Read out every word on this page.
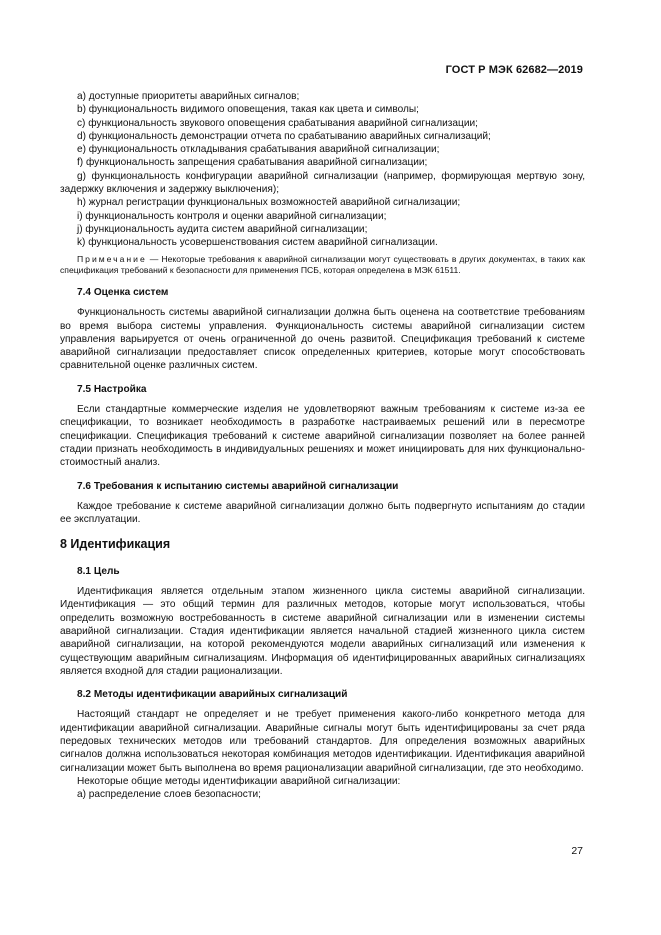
ГОСТ Р МЭК 62682—2019

а) доступные приоритеты аварийных сигналов;

b) функциональность видимого оповещения, такая как цвета и символы;

с) функциональность звукового оповещения срабатывания аварийной сигнализации;

d) функциональность демонстрации отчета по срабатыванию аварийных сигнализаций;

е) функциональность откладывания срабатывания аварийной сигнализации;

f) функциональность запрещения срабатывания аварийной сигнализации;

g) функциональность конфигурации аварийной сигнализации (например, формирующая мертвую зону, задержку включения и задержку выключения);

h) журнал регистрации функциональных возможностей аварийной сигнализации;

i) функциональность контроля и оценки аварийной сигнализации;

j) функциональность аудита систем аварийной сигнализации;

k) функциональность усовершенствования систем аварийной сигнализации.

Примечание — Некоторые требования к аварийной сигнализации могут существовать в других документах, в таких как спецификация требований к безопасности для применения ПСБ, которая определена в МЭК 61511.

7.4 Оценка систем

Функциональность системы аварийной сигнализации должна быть оценена на соответствие требованиям во время выбора системы управления. Функциональность системы аварийной сигнализации систем управления варьируется от очень ограниченной до очень развитой. Спецификация требований к системе аварийной сигнализации предоставляет список определенных критериев, которые могут способствовать сравнительной оценке различных систем.

7.5 Настройка

Если стандартные коммерческие изделия не удовлетворяют важным требованиям к системе из-за ее спецификации, то возникает необходимость в разработке настраиваемых решений или в пересмотре спецификации. Спецификация требований к системе аварийной сигнализации позволяет на более ранней стадии признать необходимость в индивидуальных решениях и может инициировать для них функционально-стоимостный анализ.

7.6 Требования к испытанию системы аварийной сигнализации

Каждое требование к системе аварийной сигнализации должно быть подвергнуто испытаниям до стадии ее эксплуатации.

8 Идентификация

8.1 Цель

Идентификация является отдельным этапом жизненного цикла системы аварийной сигнализации. Идентификация — это общий термин для различных методов, которые могут использоваться, чтобы определить возможную востребованность в системе аварийной сигнализации или в изменении системы аварийной сигнализации. Стадия идентификации является начальной стадией жизненного цикла систем аварийной сигнализации, на которой рекомендуются модели аварийных сигнализаций или изменения к существующим аварийным сигнализациям. Информация об идентифицированных аварийных сигнализациях является входной для стадии рационализации.

8.2 Методы идентификации аварийных сигнализаций

Настоящий стандарт не определяет и не требует применения какого-либо конкретного метода для идентификации аварийной сигнализации. Аварийные сигналы могут быть идентифицированы за счет ряда передовых технических методов или требований стандартов. Для определения возможных аварийных сигналов должна использоваться некоторая комбинация методов идентификации. Идентификация аварийной сигнализации может быть выполнена во время рационализации аварийной сигнализации, где это необходимо.

Некоторые общие методы идентификации аварийной сигнализации:

а) распределение слоев безопасности;

27
